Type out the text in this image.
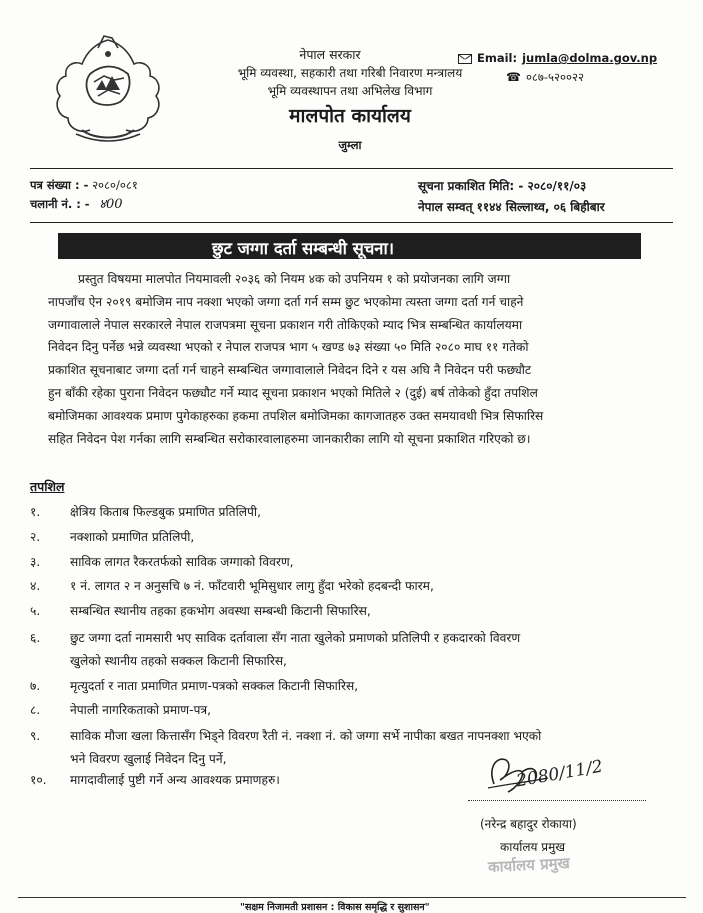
नेपाल सरकार
भूमि व्यवस्था, सहकारी तथा गरिबी निवारण मन्त्रालय
भूमि व्यवस्थापन तथा अभिलेख विभाग
मालपोत कार्यालय
जुम्ला
Email: jumla@dolma.gov.np
☎ ०८७-५२००२२
पत्र संख्या : - २०८०/०८१
चलानी नं. : - ४00
सूचना प्रकाशित मिति: - २०८०/११/०३
नेपाल सम्वत् ११४४ सिल्लाथ्व, ०६ बिहीबार
छुट जग्गा दर्ता सम्बन्धी सूचना।
प्रस्तुत विषयमा मालपोत नियमावली २०३६ को नियम ४क को उपनियम १ को प्रयोजनका लागि जग्गा
नापजाँच ऐन २०१९ बमोजिम नाप नक्शा भएको जग्गा दर्ता गर्न सम्म छुट भएकोमा त्यस्ता जग्गा दर्ता गर्न चाहने
जग्गावालाले नेपाल सरकारले नेपाल राजपत्रमा सूचना प्रकाशन गरी तोकिएको म्याद भित्र सम्बन्धित कार्यालयमा
निवेदन दिनु पर्नेछ भन्ने व्यवस्था भएको र नेपाल राजपत्र भाग ५ खण्ड ७३ संख्या ५० मिति २०८० माघ ११ गतेको
प्रकाशित सूचनाबाट जग्गा दर्ता गर्न चाहने सम्बन्धित जग्गावालाले निवेदन दिने र यस अघि नै निवेदन परी फछ्यौट
हुन बाँकी रहेका पुराना निवेदन फछ्यौट गर्ने म्याद सूचना प्रकाशन भएको मितिले २ (दुई) बर्ष तोकेको हुँदा तपशिल
बमोजिमका आवश्यक प्रमाण पुगेकाहरुका हकमा तपशिल बमोजिमका कागजातहरु उक्त समयावधी भित्र सिफारिस
सहित निवेदन पेश गर्नका लागि सम्बन्धित सरोकारवालाहरुमा जानकारीका लागि यो सूचना प्रकाशित गरिएको छ।
तपशिल
१. क्षेत्रिय किताब फिल्डबुक प्रमाणित प्रतिलिपी,
२. नक्शाको प्रमाणित प्रतिलिपी,
३. साविक लागत रैकरतर्फको साविक जग्गाको विवरण,
४. १ नं. लागत २ न अनुसचि ७ नं. फाँटवारी भूमिसुधार लागु हुँदा भरेको हदबन्दी फारम,
५. सम्बन्धित स्थानीय तहका हकभोग अवस्था सम्बन्धी किटानी सिफारिस,
६. छुट जग्गा दर्ता नामसारी भए साविक दर्तावाला सँग नाता खुलेको प्रमाणको प्रतिलिपी र हकदारको विवरण
खुलेको स्थानीय तहको सक्कल किटानी सिफारिस,
७. मृत्युदर्ता र नाता प्रमाणित प्रमाण-पत्रको सक्कल किटानी सिफारिस,
८. नेपाली नागरिकताको प्रमाण-पत्र,
९. साविक मौजा खला कित्तासँग भिड्ने विवरण रैती नं. नक्शा नं. को जग्गा सर्भे नापीका बखत नापनक्शा भएको
भने विवरण खुलाई निवेदन दिनु पर्ने,
१०. मागदावीलाई पुष्टी गर्ने अन्य आवश्यक प्रमाणहरु।	2080/11/2
(नरेन्द्र बहादुर रोकाया)
कार्यालय प्रमुख
कार्यालय प्रमुख
"सक्षम निजामती प्रशासन : विकास समृद्धि र सुशासन"
